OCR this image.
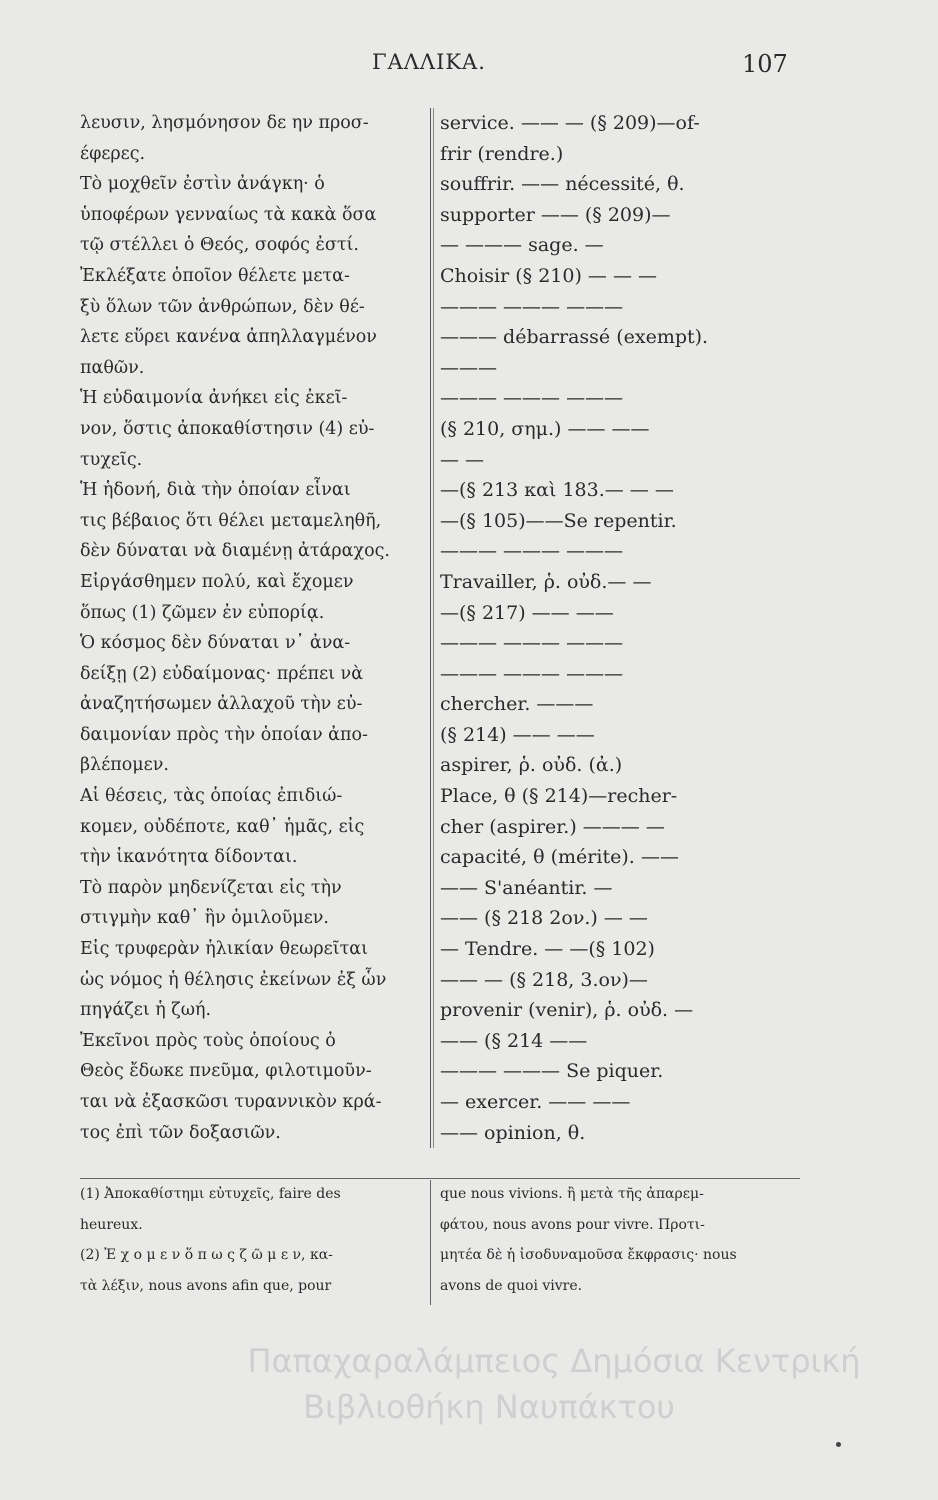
ΓΑΛΛΙΚΑ.	107
λευσιν, λησμόνησον δε ην προσ-
έφερες.
Τὸ μοχθεῖν ἐστὶν ἀνάγκη· ὁ
ὑποφέρων γενναίως τὰ κακὰ ὅσα
τῷ στέλλει ὁ Θεός, σοφός ἐστί.
Ἐκλέξατε ὁποῖον θέλετε μετα-
ξὺ ὅλων τῶν ἀνθρώπων, δὲν θέ-
λετε εὕρει κανένα ἀπηλλαγμένον
παθῶν.
Ἡ εὐδαιμονία ἀνήκει εἰς ἐκεῖ-
νον, ὅστις ἀποκαθίστησιν (4) εὐ-
τυχεῖς.
Ἡ ἡδονή, διὰ τὴν ὁποίαν εἶναι
τις βέβαιος ὅτι θέλει μεταμεληθῆ,
δὲν δύναται νὰ διαμένῃ ἀτάραχος.
Εἰργάσθημεν πολύ, καὶ ἔχομεν
ὅπως (1) ζῶμεν ἐν εὐπορίᾳ.
Ὁ κόσμος δὲν δύναται ν᾽ ἀνα-
δείξῃ (2) εὐδαίμονας· πρέπει νὰ
ἀναζητήσωμεν ἀλλαχοῦ τὴν εὐ-
δαιμονίαν πρὸς τὴν ὁποίαν ἀπο-
βλέπομεν.
Αἱ θέσεις, τὰς ὁποίας ἐπιδιώ-
κομεν, οὐδέποτε, καθ᾽ ἡμᾶς, εἰς
τὴν ἱκανότητα δίδονται.
Τὸ παρὸν μηδενίζεται εἰς τὴν
στιγμὴν καθ᾽ ἣν ὁμιλοῦμεν.
Εἰς τρυφερὰν ἡλικίαν θεωρεῖται
ὡς νόμος ἡ θέλησις ἐκείνων ἐξ ὧν
πηγάζει ἡ ζωή.
Ἐκεῖνοι πρὸς τοὺς ὁποίους ὁ
Θεὸς ἔδωκε πνεῦμα, φιλοτιμοῦν-
ται νὰ ἐξασκῶσι τυραννικὸν κρά-
τος ἐπὶ τῶν δοξασιῶν.
service. —— — (§ 209)—of-
frir (rendre.)
souffrir. —— nécessité, θ.
supporter —— (§ 209)—
— ——— sage. —
Choisir (§ 210) — — —
——— ——— ———
——— débarrassé (exempt).
———
——— ——— ———
(§ 210, σημ.) —— ——
— —
—(§ 213 καὶ 183.— — —
—(§ 105)——Se repentir.
——— ——— ———
Travailler, ῥ. οὐδ.— —
—(§ 217) —— ——
——— ——— ———
——— ——— ———
chercher. ———
(§ 214) —— ——
aspirer, ῥ. οὐδ. (ἀ.)
Place, θ (§ 214)—recher-
cher (aspirer.) ——— —
capacité, θ (mérite). ——
—— S'anéantir. —
—— (§ 218 2ον.) — —
— Tendre. — —(§ 102)
—— — (§ 218, 3.ον)—
provenir (venir), ῥ. οὐδ. —
—— (§ 214 ——
——— ——— Se piquer.
— exercer. —— ——
—— opinion, θ.
(1) Ἀποκαθίστημι εὐτυχεῖς, faire des
heureux.
(2) Ἐ χ ο μ ε ν ὅ π ω ς ζ ῶ μ ε ν, κα-
τὰ λέξιν, nous avons afin que, pour
que nous vivions. ἢ μετὰ τῆς ἀπαρεμ-
φάτου, nous avons pour vivre. Προτι-
μητέα δὲ ἡ ἰσοδυναμοῦσα ἔκφρασις· nous
avons de quoi vivre.
Παπαχαραλάμπειος Δημόσια Κεντρική
Βιβλιοθήκη Ναυπάκτου
